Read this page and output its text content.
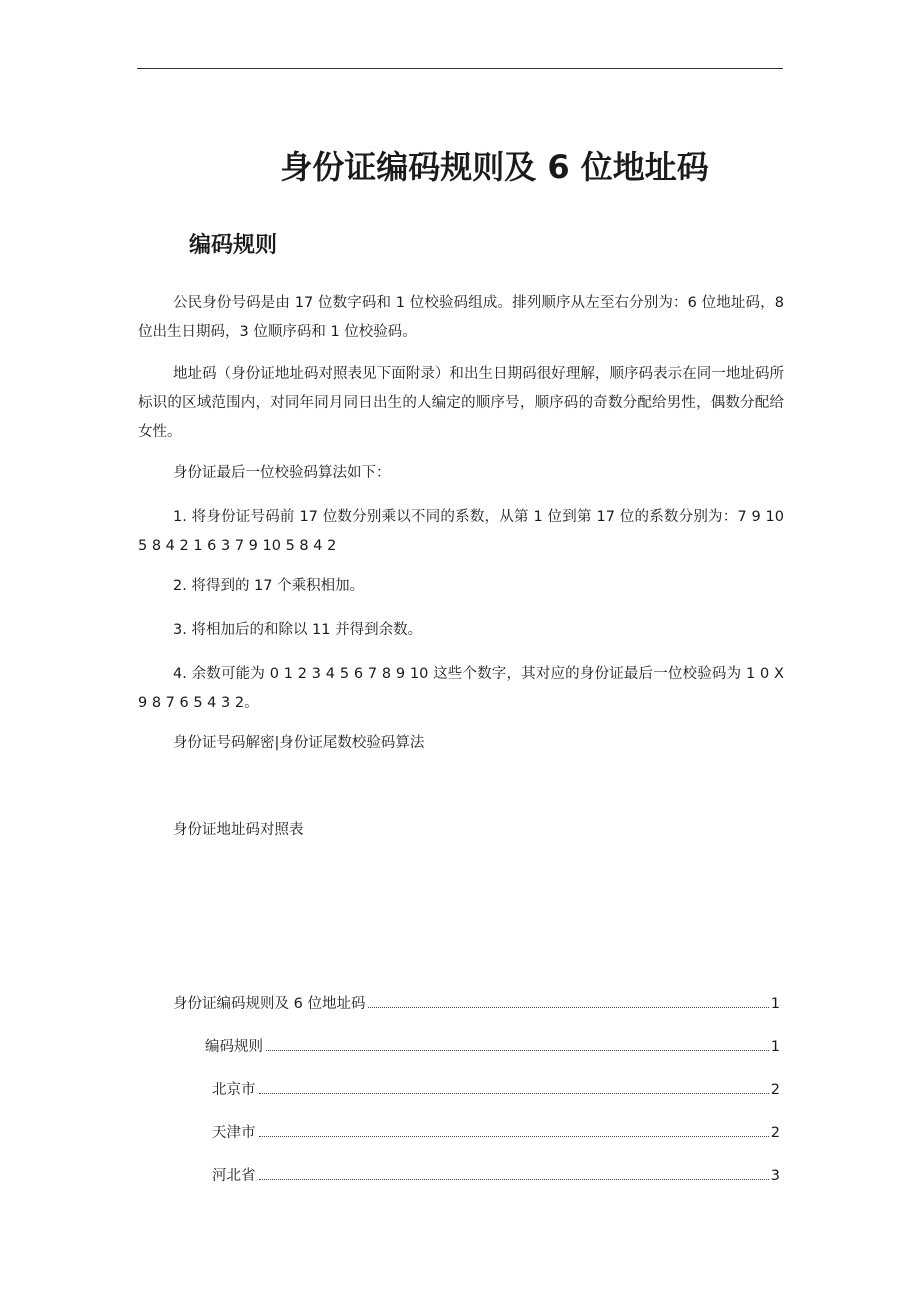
身份证编码规则及 6 位地址码
编码规则

公民身份号码是由 17 位数字码和 1 位校验码组成。排列顺序从左至右分别为：6 位地址码，8 位出生日期码，3 位顺序码和 1 位校验码。

地址码（身份证地址码对照表见下面附录）和出生日期码很好理解，顺序码表示在同一地址码所标识的区域范围内，对同年同月同日出生的人编定的顺序号，顺序码的奇数分配给男性，偶数分配给女性。

身份证最后一位校验码算法如下：

1. 将身份证号码前 17 位数分别乘以不同的系数，从第 1 位到第 17 位的系数分别为：7 9 10 5 8 4 2 1 6 3 7 9 10 5 8 4 2

2. 将得到的 17 个乘积相加。

3. 将相加后的和除以 11 并得到余数。

4. 余数可能为 0 1 2 3 4 5 6 7 8 9 10 这些个数字，其对应的身份证最后一位校验码为 1 0 X 9 8 7 6 5 4 3 2。

身份证号码解密|身份证尾数校验码算法

身份证地址码对照表

身份证编码规则及 6 位地址码	1
编码规则	1
北京市	2
天津市	2
河北省	3
